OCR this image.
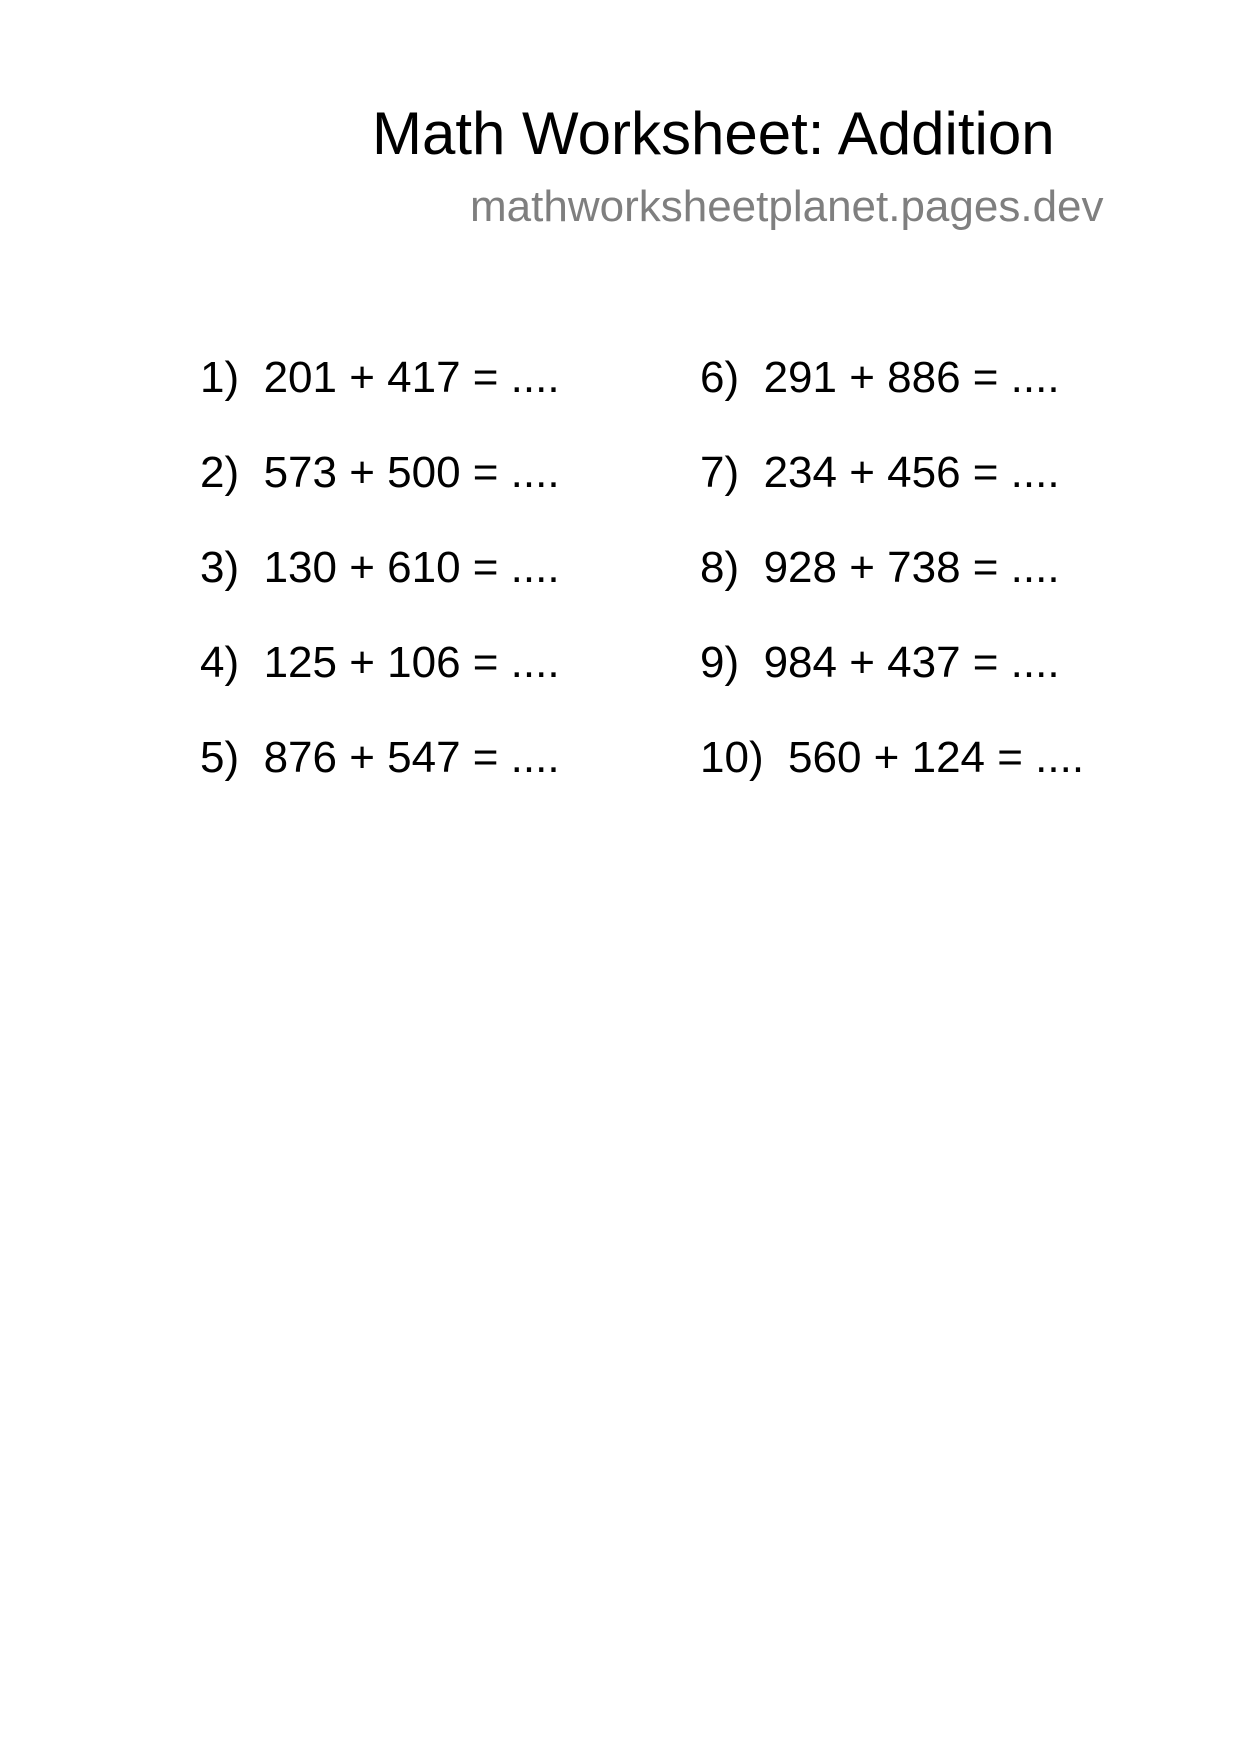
Math Worksheet: Addition
mathworksheetplanet.pages.dev
1)  201 + 417 = ....
2)  573 + 500 = ....
3)  130 + 610 = ....
4)  125 + 106 = ....
5)  876 + 547 = ....
6)  291 + 886 = ....
7)  234 + 456 = ....
8)  928 + 738 = ....
9)  984 + 437 = ....
10)  560 + 124 = ....
